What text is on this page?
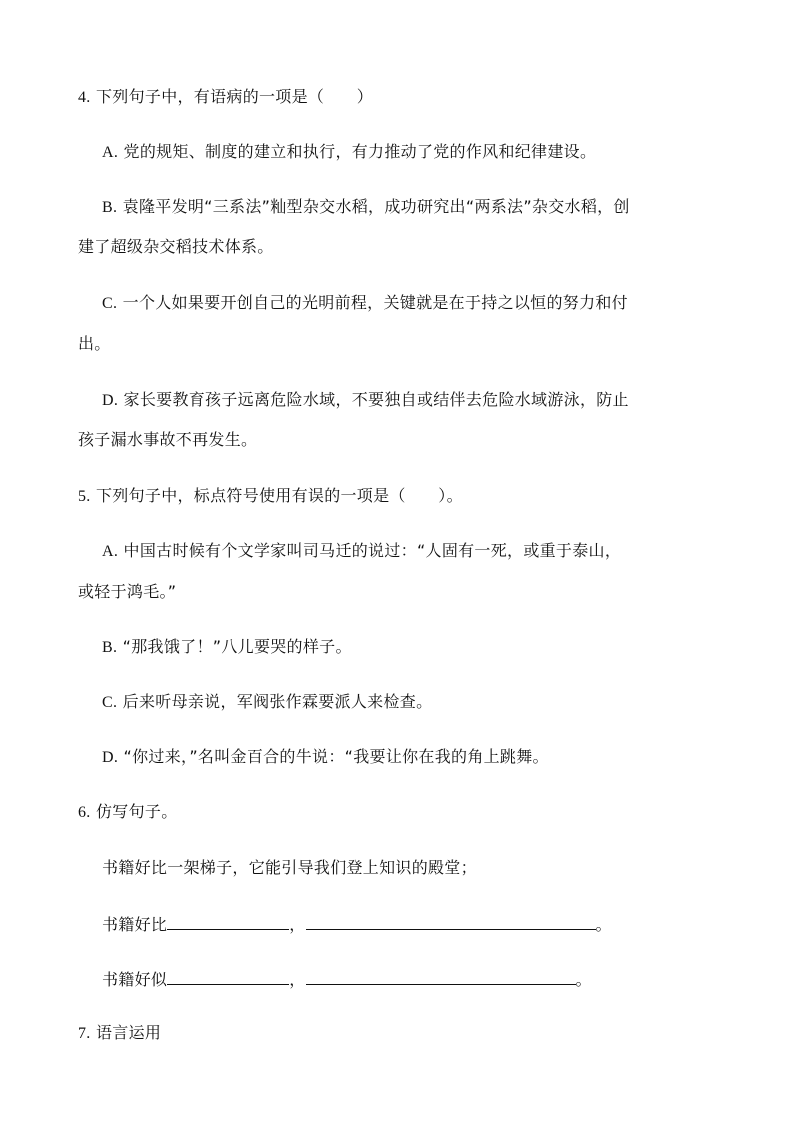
4. 下列句子中，有语病的一项是（　　）
A. 党的规矩、制度的建立和执行，有力推动了党的作风和纪律建设。
B. 袁隆平发明“三系法”籼型杂交水稻，成功研究出“两系法”杂交水稻，创
建了超级杂交稻技术体系。
C. 一个人如果要开创自己的光明前程，关键就是在于持之以恒的努力和付
出。
D. 家长要教育孩子远离危险水域，不要独自或结伴去危险水域游泳，防止
孩子漏水事故不再发生。
5. 下列句子中，标点符号使用有误的一项是（　　）。
A. 中国古时候有个文学家叫司马迁的说过：“人固有一死，或重于泰山，
或轻于鸿毛。”
B. “那我饿了！”八儿要哭的样子。
C. 后来听母亲说，军阀张作霖要派人来检查。
D. “你过来，”名叫金百合的牛说：“我要让你在我的角上跳舞。
6. 仿写句子。
书籍好比一架梯子，它能引导我们登上知识的殿堂；
书籍好比	，	。
书籍好似	，	。
7. 语言运用
